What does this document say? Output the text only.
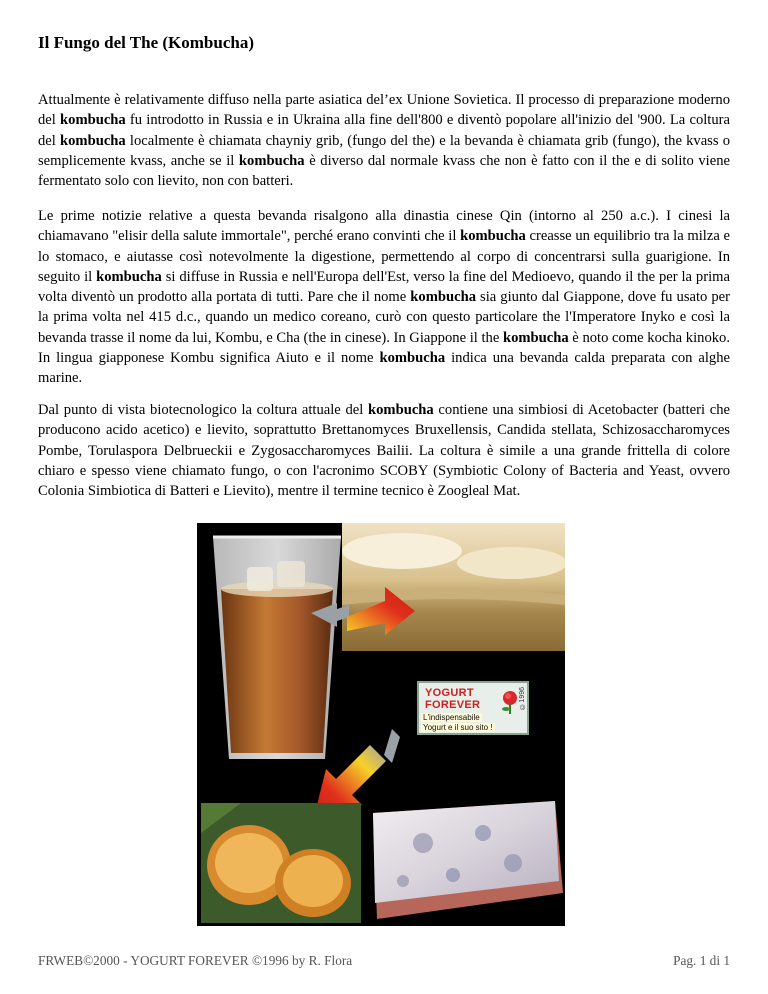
Il Fungo del The (Kombucha)

Attualmente è relativamente diffuso nella parte asiatica del’ex Unione Sovietica. Il processo di preparazione moderno del kombucha fu introdotto in Russia e in Ukraina alla fine dell'800 e diventò popolare all'inizio del '900. La coltura del kombucha localmente è chiamata chayniy grib, (fungo del the) e la bevanda è chiamata grib (fungo), the kvass o semplicemente kvass, anche se il kombucha è diverso dal normale kvass che non è fatto con il the e di solito viene fermentato solo con lievito, non con batteri.

Le prime notizie relative a questa bevanda risalgono alla dinastia cinese Qin (intorno al 250 a.c.). I cinesi la chiamavano "elisir della salute immortale", perché erano convinti che il kombucha creasse un equilibrio tra la milza e lo stomaco, e aiutasse così notevolmente la digestione, permettendo al corpo di concentrarsi sulla guarigione. In seguito il kombucha si diffuse in Russia e nell'Europa dell'Est, verso la fine del Medioevo, quando il the per la prima volta diventò un prodotto alla portata di tutti. Pare che il nome kombucha sia giunto dal Giappone, dove fu usato per la prima volta nel 415 d.c., quando un medico coreano, curò con questo particolare the l'Imperatore Inyko e così la bevanda trasse il nome da lui, Kombu, e Cha (the in cinese). In Giappone il the kombucha è noto come kocha kinoko. In lingua giapponese Kombu significa Aiuto e il nome kombucha indica una bevanda calda preparata con alghe marine.

Dal punto di vista biotecnologico la coltura attuale del kombucha contiene una simbiosi di Acetobacter (batteri che producono acido acetico) e lievito, soprattutto Brettanomyces Bruxellensis, Candida stellata, Schizosaccharomyces Pombe, Torulaspora Delbrueckii e Zygosaccharomyces Bailii. La coltura è simile a una grande frittella di colore chiaro e spesso viene chiamato fungo, o con l'acronimo SCOBY (Symbiotic Colony of Bacteria and Yeast, ovvero Colonia Simbiotica di Batteri e Lievito), mentre il termine tecnico è Zoogleal Mat.

YOGURT
FOREVER
L'indispensabile
Yogurt e il suo sito !
©1996
FRWEB©2000 - YOGURT FOREVER ©1996 by R. Flora	Pag. 1 di 1
